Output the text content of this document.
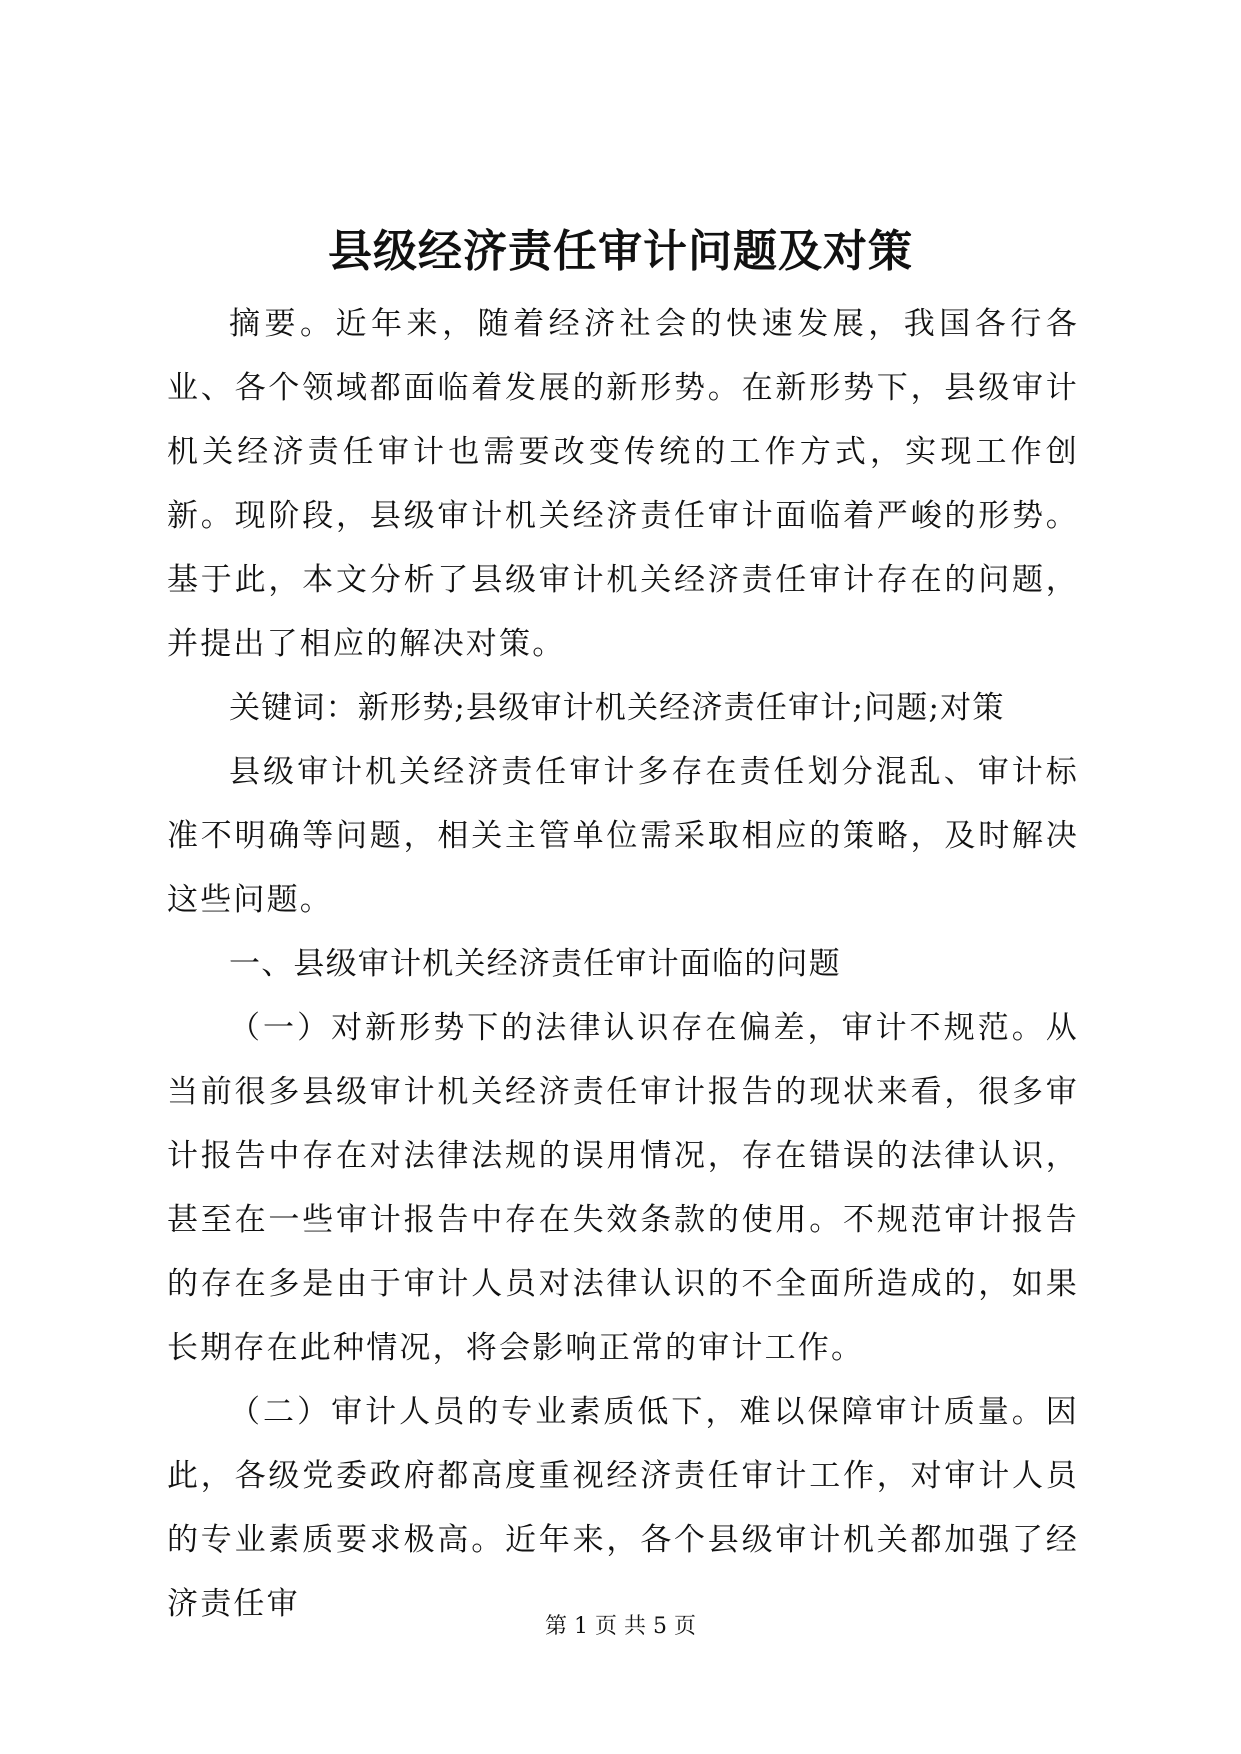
县级经济责任审计问题及对策

摘要。近年来，随着经济社会的快速发展，我国各行各业、各个领域都面临着发展的新形势。在新形势下，县级审计机关经济责任审计也需要改变传统的工作方式，实现工作创新。现阶段，县级审计机关经济责任审计面临着严峻的形势。基于此，本文分析了县级审计机关经济责任审计存在的问题，并提出了相应的解决对策。

关键词：新形势;县级审计机关经济责任审计;问题;对策

县级审计机关经济责任审计多存在责任划分混乱、审计标准不明确等问题，相关主管单位需采取相应的策略，及时解决这些问题。

一、县级审计机关经济责任审计面临的问题

（一）对新形势下的法律认识存在偏差，审计不规范。从当前很多县级审计机关经济责任审计报告的现状来看，很多审计报告中存在对法律法规的误用情况，存在错误的法律认识，甚至在一些审计报告中存在失效条款的使用。不规范审计报告的存在多是由于审计人员对法律认识的不全面所造成的，如果长期存在此种情况，将会影响正常的审计工作。

（二）审计人员的专业素质低下，难以保障审计质量。因此，各级党委政府都高度重视经济责任审计工作，对审计人员的专业素质要求极高。近年来，各个县级审计机关都加强了经济责任审

第 1 页 共 5 页
